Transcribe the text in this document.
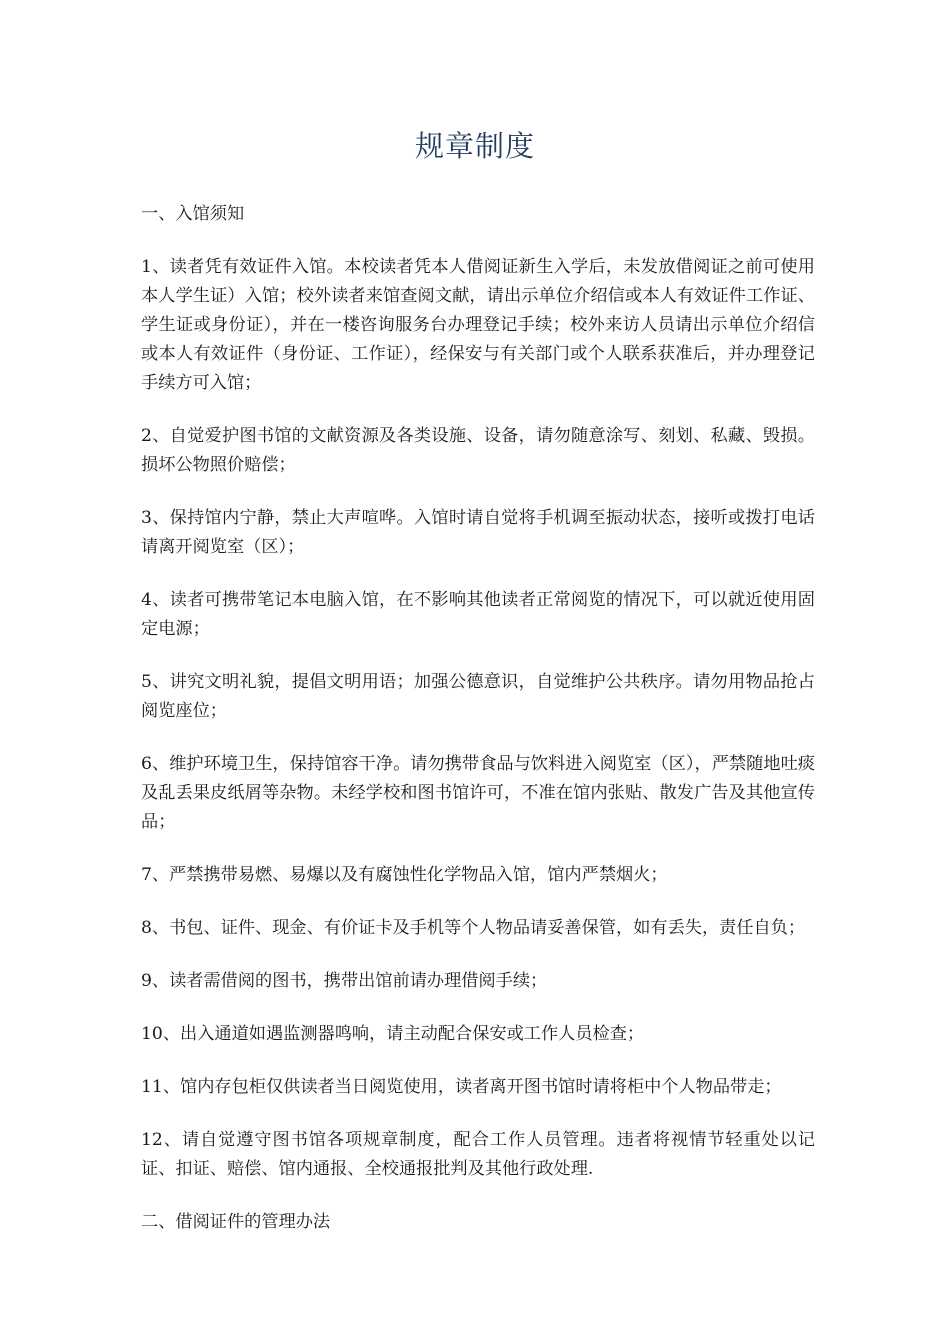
规章制度

一、入馆须知

1、读者凭有效证件入馆。本校读者凭本人借阅证新生入学后，未发放借阅证之前可使用本人学生证）入馆；校外读者来馆查阅文献，请出示单位介绍信或本人有效证件工作证、学生证或身份证），并在一楼咨询服务台办理登记手续；校外来访人员请出示单位介绍信或本人有效证件（身份证、工作证），经保安与有关部门或个人联系获准后，并办理登记手续方可入馆；

2、自觉爱护图书馆的文献资源及各类设施、设备，请勿随意涂写、刻划、私藏、毁损。损坏公物照价赔偿；

3、保持馆内宁静，禁止大声喧哗。入馆时请自觉将手机调至振动状态，接听或拨打电话请离开阅览室（区）；

4、读者可携带笔记本电脑入馆，在不影响其他读者正常阅览的情况下，可以就近使用固定电源；

5、讲究文明礼貌，提倡文明用语；加强公德意识，自觉维护公共秩序。请勿用物品抢占阅览座位；

6、维护环境卫生，保持馆容干净。请勿携带食品与饮料进入阅览室（区），严禁随地吐痰及乱丢果皮纸屑等杂物。未经学校和图书馆许可，不准在馆内张贴、散发广告及其他宣传品；

7、严禁携带易燃、易爆以及有腐蚀性化学物品入馆，馆内严禁烟火；

8、书包、证件、现金、有价证卡及手机等个人物品请妥善保管，如有丢失，责任自负；

9、读者需借阅的图书，携带出馆前请办理借阅手续；

10、出入通道如遇监测器鸣响，请主动配合保安或工作人员检查；

11、馆内存包柜仅供读者当日阅览使用，读者离开图书馆时请将柜中个人物品带走；

12、请自觉遵守图书馆各项规章制度，配合工作人员管理。违者将视情节轻重处以记证、扣证、赔偿、馆内通报、全校通报批判及其他行政处理.

二、借阅证件的管理办法
